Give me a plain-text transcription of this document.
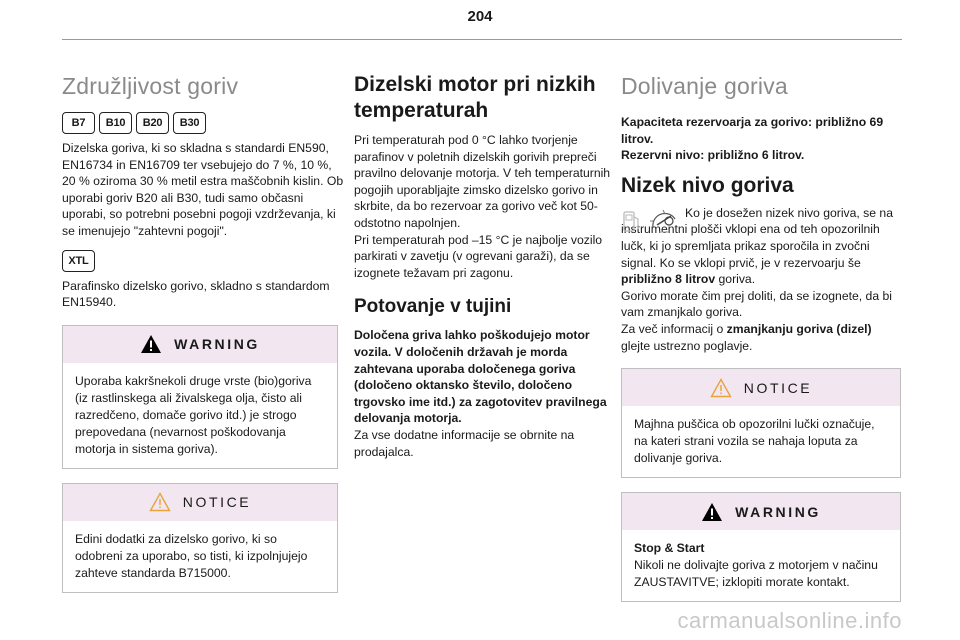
204
Združljivost goriv
B7	B10	B20	B30

Dizelska goriva, ki so skladna s standardi EN590, EN16734 in EN16709 ter vsebujejo do 7 %, 10 %, 20 % oziroma 30 % metil estra maščobnih kislin. Ob uporabi goriv B20 ali B30, tudi samo občasni uporabi, so potrebni posebni pogoji vzdrževanja, ki se imenujejo "zahtevni pogoji".

XTL

Parafinsko dizelsko gorivo, skladno s standardom EN15940.

WARNING
Uporaba kakršnekoli druge vrste (bio)goriva (iz rastlinskega ali živalskega olja, čisto ali razredčeno, domače gorivo itd.) je strogo prepovedana (nevarnost poškodovanja motorja in sistema goriva).
NOTICE
Edini dodatki za dizelsko gorivo, ki so odobreni za uporabo, so tisti, ki izpolnjujejo zahteve standarda B715000.
Dizelski motor pri nizkih temperaturah

Pri temperaturah pod 0 °C lahko tvorjenje parafinov v poletnih dizelskih gorivih prepreči pravilno delovanje motorja. V teh temperaturnih pogojih uporabljajte zimsko dizelsko gorivo in skrbite, da bo rezervoar za gorivo več kot 50-odstotno napolnjen.

Pri temperaturah pod –15 °C je najbolje vozilo parkirati v zavetju (v ogrevani garaži), da se izognete težavam pri zagonu.

Potovanje v tujini

Določena griva lahko poškodujejo motor vozila. V določenih državah je morda zahtevana uporaba določenega goriva (določeno oktansko število, določeno trgovsko ime itd.) za zagotovitev pravilnega delovanja motorja.

Za vse dodatne informacije se obrnite na prodajalca.

Dolivanje goriva

Kapaciteta rezervoarja za gorivo: približno 69 litrov.

Rezervni nivo: približno 6 litrov.

Nizek nivo goriva

Ko je dosežen nizek nivo goriva, se na instrumentni plošči vklopi ena od teh opozorilnih lučk, ki jo spremljata prikaz sporočila in zvočni signal. Ko se vklopi prvič, je v rezervoarju še približno 8 litrov goriva.

Gorivo morate čim prej doliti, da se izognete, da bi vam zmanjkalo goriva.

Za več informacij o zmanjkanju goriva (dizel) glejte ustrezno poglavje.

NOTICE
Majhna puščica ob opozorilni lučki označuje, na kateri strani vozila se nahaja loputa za dolivanje goriva.
WARNING
Stop & Start
Nikoli ne dolivajte goriva z motorjem v načinu ZAUSTAVITVE; izklopiti morate kontakt.
carmanualsonline.info
